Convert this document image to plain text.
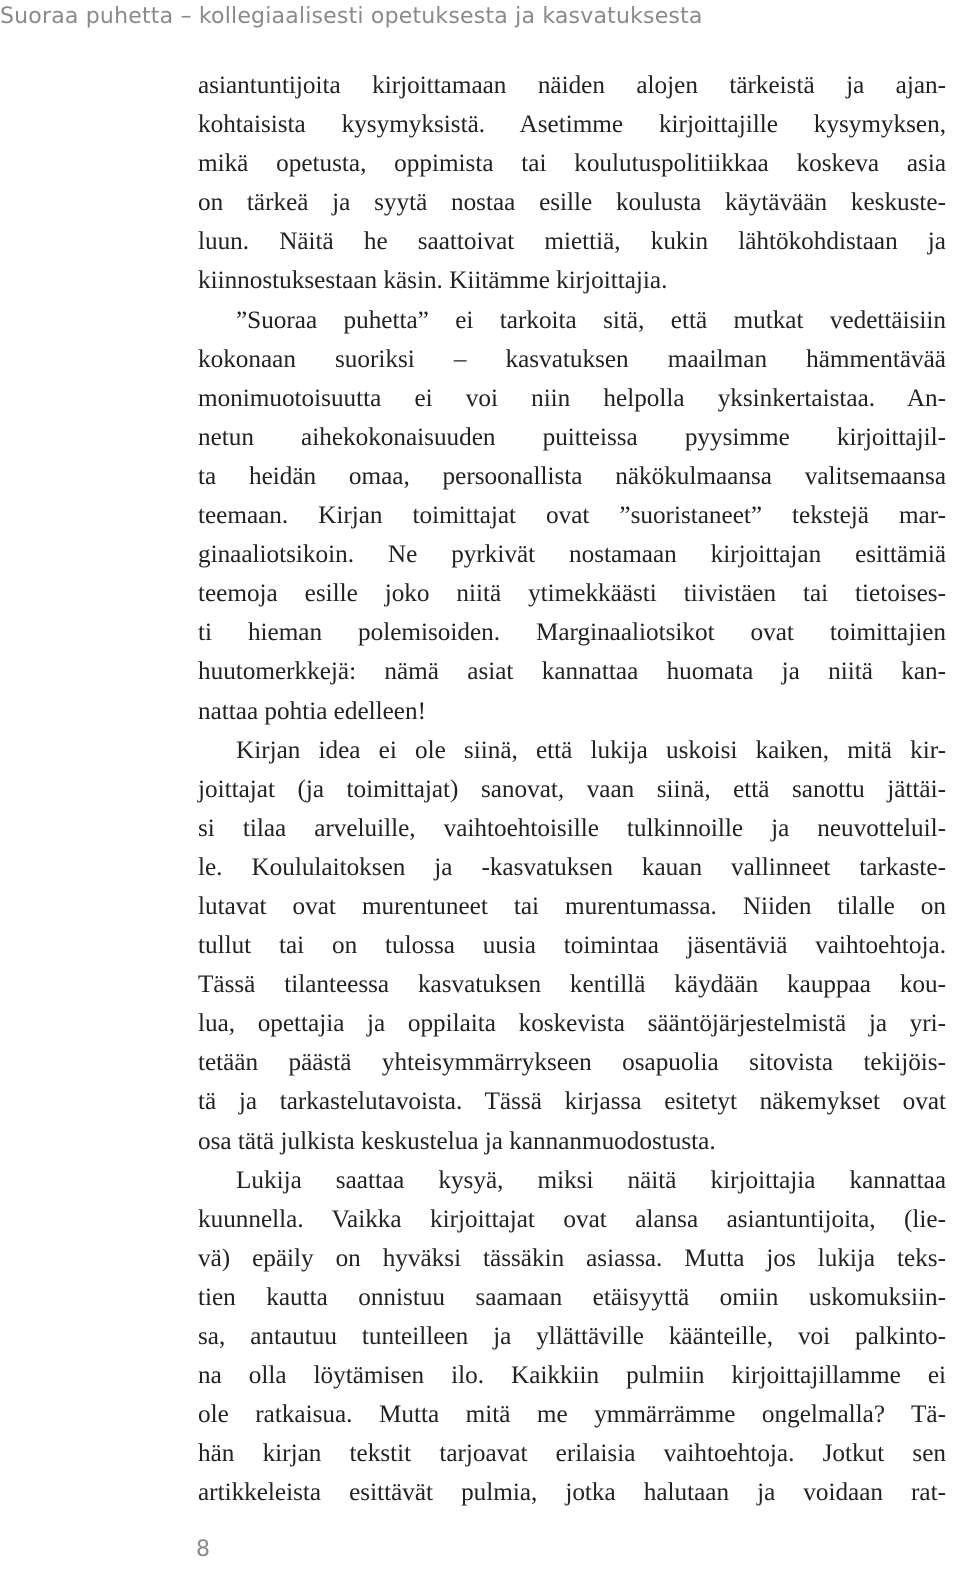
Suoraa puhetta – kollegiaalisesti opetuksesta ja kasvatuksesta
asiantuntijoita kirjoittamaan näiden alojen tärkeistä ja ajan-
kohtaisista kysymyksistä. Asetimme kirjoittajille kysymyksen,
mikä opetusta, oppimista tai koulutuspolitiikkaa koskeva asia
on tärkeä ja syytä nostaa esille koulusta käytävään keskuste-
luun. Näitä he saattoivat miettiä, kukin lähtökohdistaan ja
kiinnostuksestaan käsin. Kiitämme kirjoittajia.
”Suoraa puhetta” ei tarkoita sitä, että mutkat vedettäisiin
kokonaan suoriksi – kasvatuksen maailman hämmentävää
monimuotoisuutta ei voi niin helpolla yksinkertaistaa. An-
netun aihekokonaisuuden puitteissa pyysimme kirjoittajil-
ta heidän omaa, persoonallista näkökulmaansa valitsemaansa
teemaan. Kirjan toimittajat ovat ”suoristaneet” tekstejä mar-
ginaaliotsikoin. Ne pyrkivät nostamaan kirjoittajan esittämiä
teemoja esille joko niitä ytimekkäästi tiivistäen tai tietoises-
ti hieman polemisoiden. Marginaaliotsikot ovat toimittajien
huutomerkkejä: nämä asiat kannattaa huomata ja niitä kan-
nattaa pohtia edelleen!
Kirjan idea ei ole siinä, että lukija uskoisi kaiken, mitä kir-
joittajat (ja toimittajat) sanovat, vaan siinä, että sanottu jättäi-
si tilaa arveluille, vaihtoehtoisille tulkinnoille ja neuvotteluil-
le. Koululaitoksen ja -kasvatuksen kauan vallinneet tarkaste-
lutavat ovat murentuneet tai murentumassa. Niiden tilalle on
tullut tai on tulossa uusia toimintaa jäsentäviä vaihtoehtoja.
Tässä tilanteessa kasvatuksen kentillä käydään kauppaa kou-
lua, opettajia ja oppilaita koskevista sääntöjärjestelmistä ja yri-
tetään päästä yhteisymmärrykseen osapuolia sitovista tekijöis-
tä ja tarkastelutavoista. Tässä kirjassa esitetyt näkemykset ovat
osa tätä julkista keskustelua ja kannanmuodostusta.
Lukija saattaa kysyä, miksi näitä kirjoittajia kannattaa
kuunnella. Vaikka kirjoittajat ovat alansa asiantuntijoita, (lie-
vä) epäily on hyväksi tässäkin asiassa. Mutta jos lukija teks-
tien kautta onnistuu saamaan etäisyyttä omiin uskomuksiin-
sa, antautuu tunteilleen ja yllättäville käänteille, voi palkinto-
na olla löytämisen ilo. Kaikkiin pulmiin kirjoittajillamme ei
ole ratkaisua. Mutta mitä me ymmärrämme ongelmalla? Tä-
hän kirjan tekstit tarjoavat erilaisia vaihtoehtoja. Jotkut sen
artikkeleista esittävät pulmia, jotka halutaan ja voidaan rat-
8
